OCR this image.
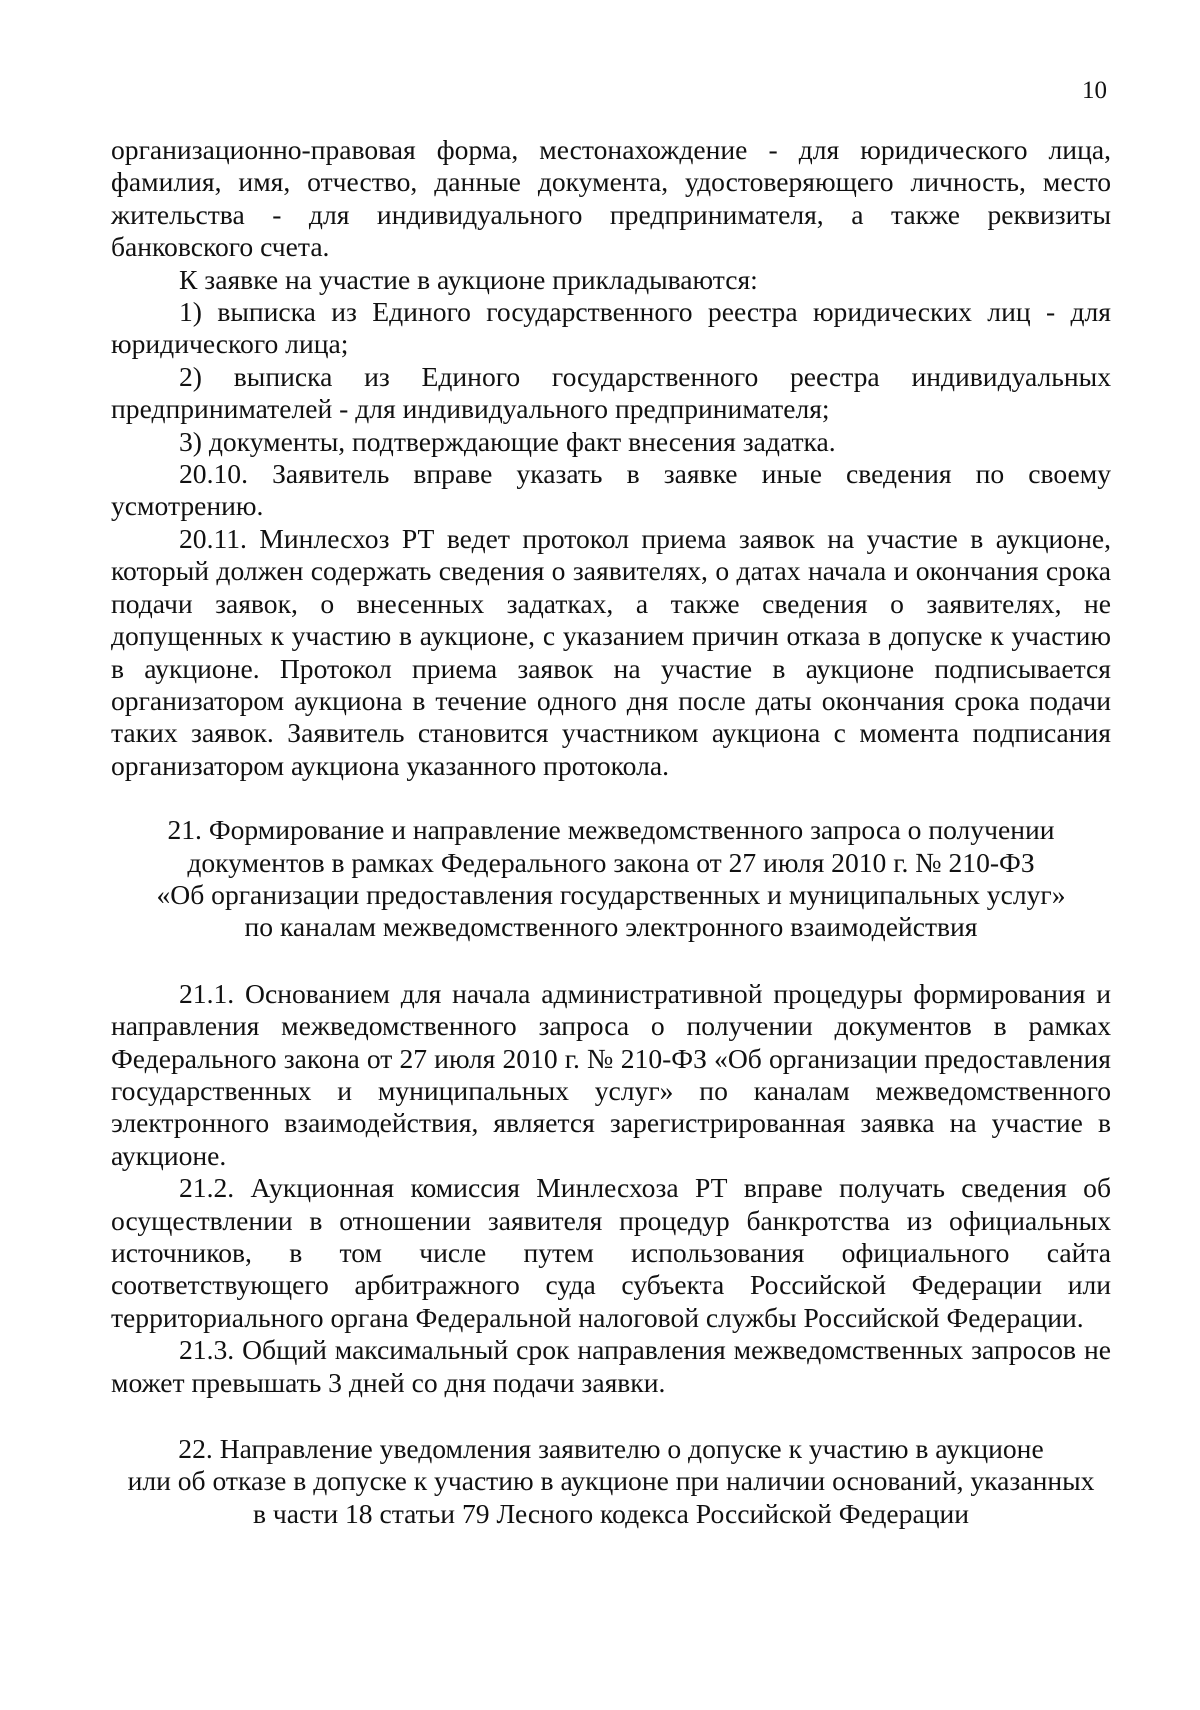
10

организационно-правовая форма, местонахождение - для юридического лица, фамилия, имя, отчество, данные документа, удостоверяющего личность, место жительства - для индивидуального предпринимателя, а также реквизиты банковского счета.

К заявке на участие в аукционе прикладываются:

1) выписка из Единого государственного реестра юридических лиц - для юридического лица;

2) выписка из Единого государственного реестра индивидуальных предпринимателей - для индивидуального предпринимателя;

3) документы, подтверждающие факт внесения задатка.

20.10. Заявитель вправе указать в заявке иные сведения по своему усмотрению.

20.11. Минлесхоз РТ ведет протокол приема заявок на участие в аукционе, который должен содержать сведения о заявителях, о датах начала и окончания срока подачи заявок, о внесенных задатках, а также сведения о заявителях, не допущенных к участию в аукционе, с указанием причин отказа в допуске к участию в аукционе. Протокол приема заявок на участие в аукционе подписывается организатором аукциона в течение одного дня после даты окончания срока подачи таких заявок. Заявитель становится участником аукциона с момента подписания организатором аукциона указанного протокола.

21. Формирование и направление межведомственного запроса о получении
документов в рамках Федерального закона от 27 июля 2010 г. № 210-ФЗ
«Об организации предоставления государственных и муниципальных услуг»
по каналам межведомственного электронного взаимодействия

21.1. Основанием для начала административной процедуры формирования и направления межведомственного запроса о получении документов в рамках Федерального закона от 27 июля 2010 г. № 210-ФЗ «Об организации предоставления государственных и муниципальных услуг» по каналам межведомственного электронного взаимодействия, является зарегистрированная заявка на участие в аукционе.

21.2. Аукционная комиссия Минлесхоза РТ вправе получать сведения об осуществлении в отношении заявителя процедур банкротства из официальных источников, в том числе путем использования официального сайта соответствующего арбитражного суда субъекта Российской Федерации или территориального органа Федеральной налоговой службы Российской Федерации.

21.3. Общий максимальный срок направления межведомственных запросов не может превышать 3 дней со дня подачи заявки.

22. Направление уведомления заявителю о допуске к участию в аукционе
или об отказе в допуске к участию в аукционе при наличии оснований, указанных
в части 18 статьи 79 Лесного кодекса Российской Федерации
